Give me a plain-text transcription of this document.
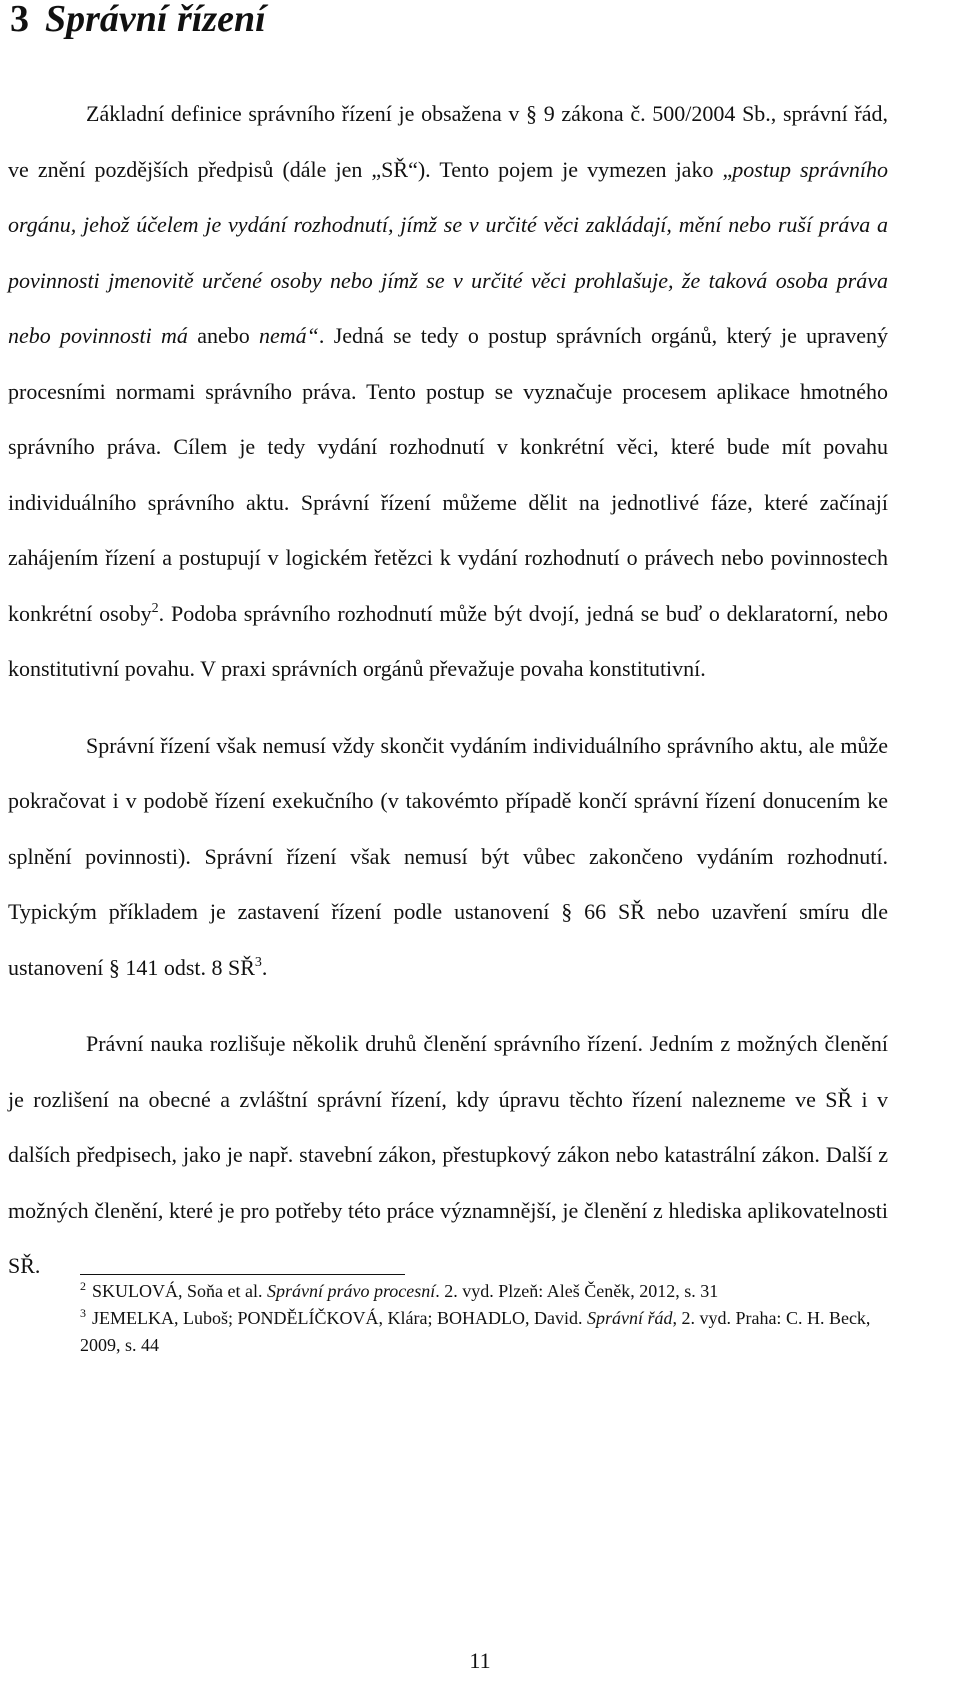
3 Správní řízení

Základní definice správního řízení je obsažena v § 9 zákona č. 500/2004 Sb., správní řád, ve znění pozdějších předpisů (dále jen „SŘ“). Tento pojem je vymezen jako „postup správního orgánu, jehož účelem je vydání rozhodnutí, jímž se v určité věci zakládají, mění nebo ruší práva a povinnosti jmenovitě určené osoby nebo jímž se v určité věci prohlašuje, že taková osoba práva nebo povinnosti má anebo nemá“. Jedná se tedy o postup správních orgánů, který je upravený procesními normami správního práva. Tento postup se vyznačuje procesem aplikace hmotného správního práva. Cílem je tedy vydání rozhodnutí v konkrétní věci, které bude mít povahu individuálního správního aktu. Správní řízení můžeme dělit na jednotlivé fáze, které začínají zahájením řízení a postupují v logickém řetězci k vydání rozhodnutí o právech nebo povinnostech konkrétní osoby$^2$. Podoba správního rozhodnutí může být dvojí, jedná se buď o deklaratorní, nebo konstitutivní povahu. V praxi správních orgánů převažuje povaha konstitutivní.

Správní řízení však nemusí vždy skončit vydáním individuálního správního aktu, ale může pokračovat i v podobě řízení exekučního (v takovémto případě končí správní řízení donucením ke splnění povinnosti). Správní řízení však nemusí být vůbec zakončeno vydáním rozhodnutí. Typickým příkladem je zastavení řízení podle ustanovení § 66 SŘ nebo uzavření smíru dle ustanovení § 141 odst. 8 $SŘ^3$.

Právní nauka rozlišuje několik druhů členění správního řízení. Jedním z možných členění je rozlišení na obecné a zvláštní správní řízení, kdy úpravu těchto řízení nalezneme ve SŘ i v dalších předpisech, jako je např. stavební zákon, přestupkový zákon nebo katastrální zákon. Další z možných členění, které je pro potřeby této práce významnější, je členění z hlediska aplikovatelnosti SŘ.

$^2$ SKULOVÁ, Soňa et al. Správní právo procesní. 2. vyd. Plzeň: Aleš Čeněk, 2012, s. 31

$^3$ JEMELKA, Luboš; PONDĚLÍČKOVÁ, Klára; BOHADLO, David. Správní řád, 2. vyd. Praha: C. H. Beck, 2009, s. 44

11
